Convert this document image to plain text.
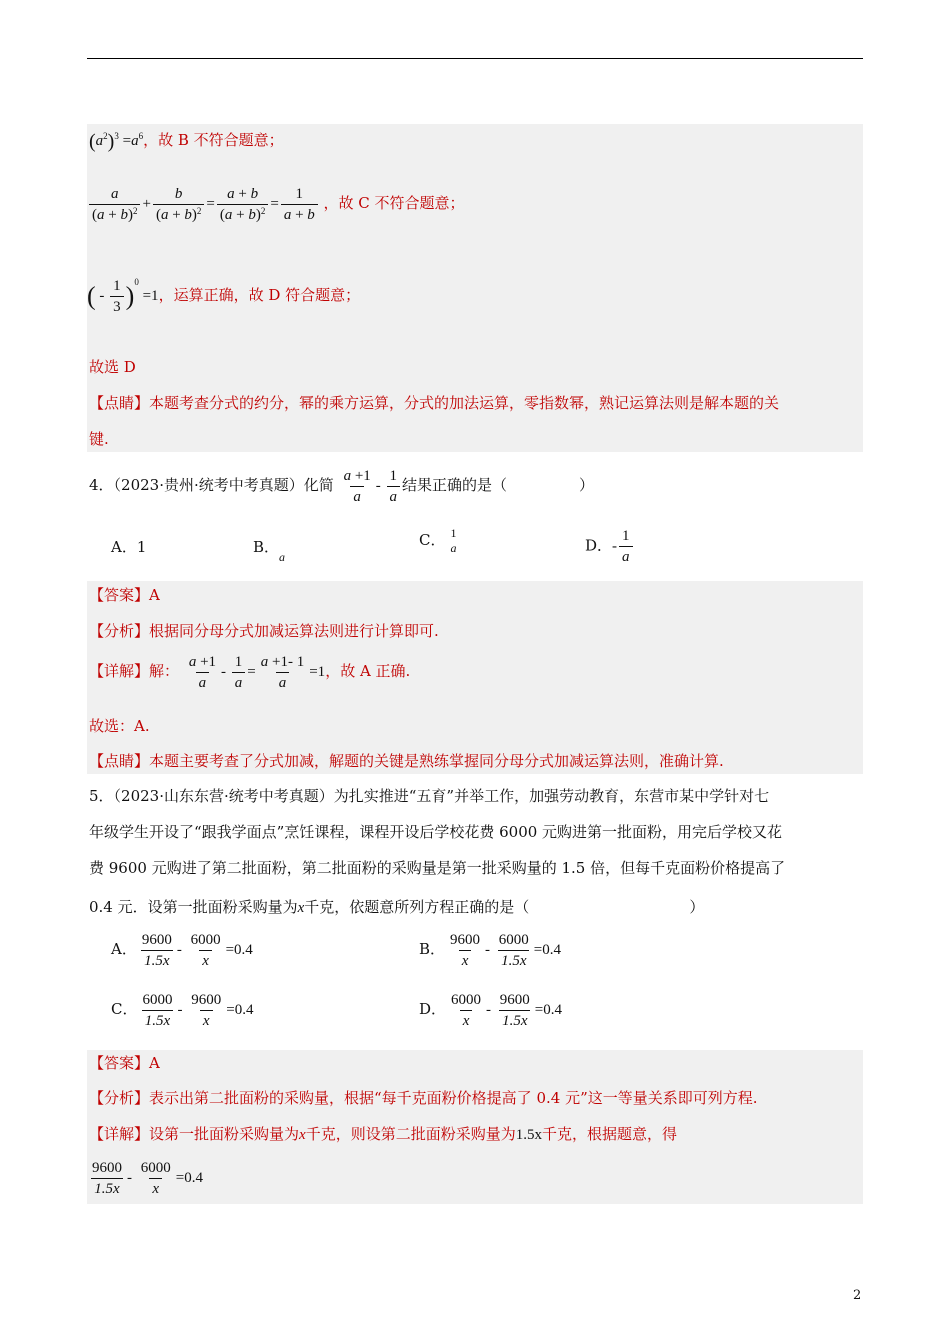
$(a^2)^3 =a^6$，故 B 不符合题意；
$\frac{a}{(a + b)^2} + \frac{b}{(a + b)^2} = \frac{a + b}{(a + b)^2} = \frac{1}{a + b}$ ，故 C 不符合题意；
( - $\frac{1}{3} )^0 =1$，运算正确，故 D 符合题意；
故选 D
【点睛】本题考查分式的约分，幂的乘方运算，分式的加法运算，零指数幂，熟记运算法则是解本题的关
键.
4．（2023·贵州·统考中考真题）化简 $\frac{a +1}{a} - \frac{1}{a}$ 结果正确的是（	）
A．1	B．$_a$
C． 1
a	D．- $\frac{1}{a}$
【答案】A
【分析】根据同分母分式加减运算法则进行计算即可.
【详解】解： $\frac{a +1}{a} - \frac{1}{a} = \frac{a +1- 1}{a} =1$，故 A 正确.
故选：A.
【点睛】本题主要考查了分式加减，解题的关键是熟练掌握同分母分式加减运算法则，准确计算.
5．（2023·山东东营·统考中考真题）为扎实推进“五育”并举工作，加强劳动教育，东营市某中学针对七
年级学生开设了“跟我学面点”烹饪课程，课程开设后学校花费 6000 元购进第一批面粉，用完后学校又花
费 9600 元购进了第二批面粉，第二批面粉的采购量是第一批采购量的 1.5 倍，但每千克面粉价格提高了
0.4 元．设第一批面粉采购量为x千克，依题意所列方程正确的是（	）
A． $\frac{9600}{1.5x} - \frac{6000}{x} =0.4$	B． $\frac{9600}{x} - \frac{6000}{1.5x} =0.4$
C． $\frac{6000}{1.5x} - \frac{9600}{x} =0.4$	D． $\frac{6000}{x} - \frac{9600}{1.5x} =0.4$
【答案】A
【分析】表示出第二批面粉的采购量，根据“每千克面粉价格提高了 0.4 元”这一等量关系即可列方程.
【详解】设第一批面粉采购量为x千克，则设第二批面粉采购量为1.5x千克，根据题意，得
$\frac{9600}{1.5x} - \frac{6000}{x} =0.4$
2
